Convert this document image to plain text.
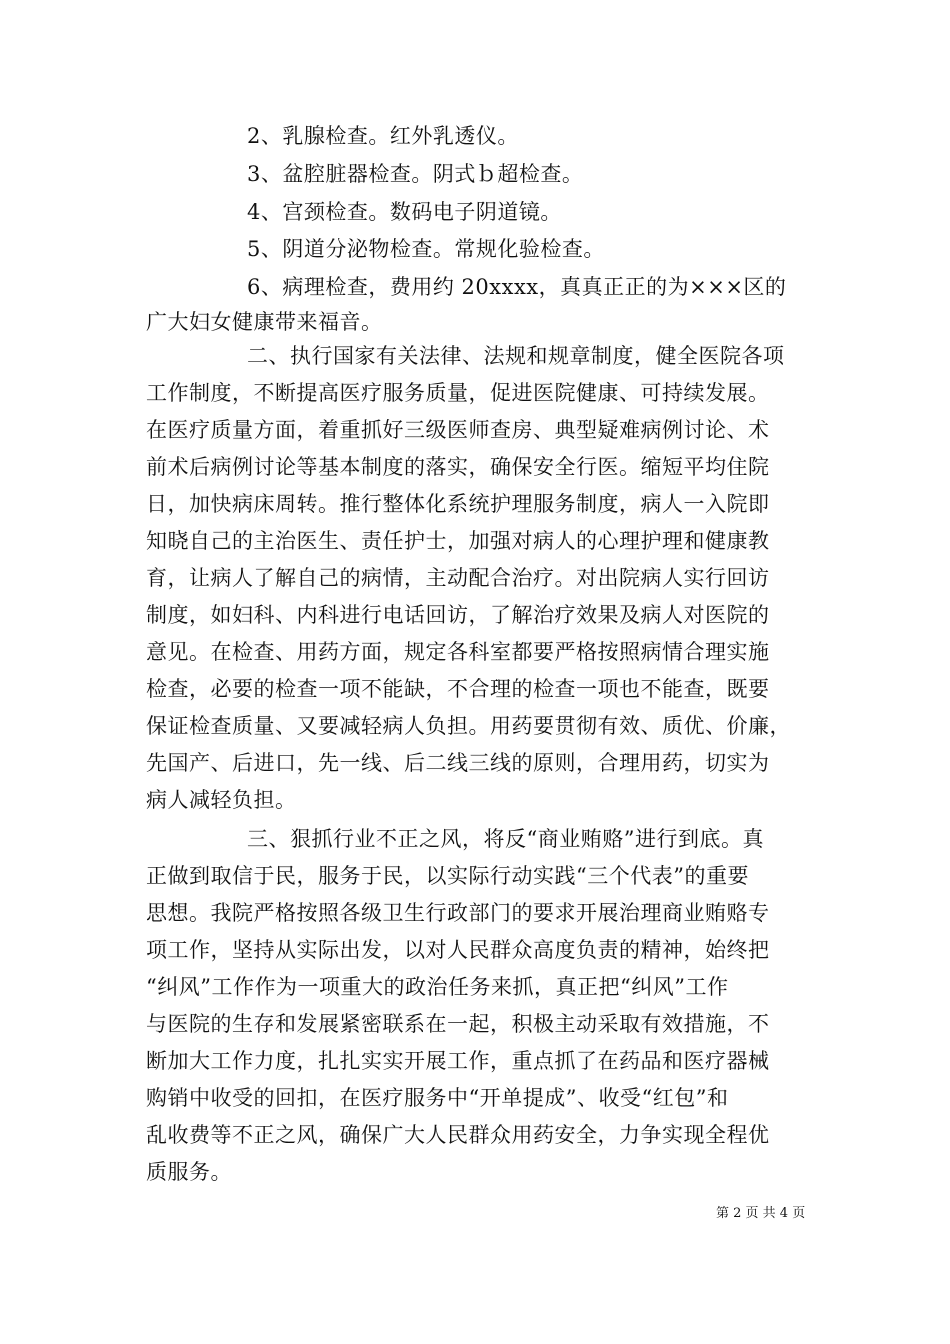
2、乳腺检查。红外乳透仪。
3、盆腔脏器检查。阴式ｂ超检查。
4、宫颈检查。数码电子阴道镜。
5、阴道分泌物检查。常规化验检查。
6、病理检查，费用约 20xxxx，真真正正的为×××区的
广大妇女健康带来福音。
二、执行国家有关法律、法规和规章制度，健全医院各项
工作制度，不断提高医疗服务质量，促进医院健康、可持续发展。
在医疗质量方面，着重抓好三级医师查房、典型疑难病例讨论、术
前术后病例讨论等基本制度的落实，确保安全行医。缩短平均住院
日，加快病床周转。推行整体化系统护理服务制度，病人一入院即
知晓自己的主治医生、责任护士，加强对病人的心理护理和健康教
育，让病人了解自己的病情，主动配合治疗。对出院病人实行回访
制度，如妇科、内科进行电话回访，了解治疗效果及病人对医院的
意见。在检查、用药方面，规定各科室都要严格按照病情合理实施
检查，必要的检查一项不能缺，不合理的检查一项也不能查，既要
保证检查质量、又要减轻病人负担。用药要贯彻有效、质优、价廉，
先国产、后进口，先一线、后二线三线的原则，合理用药，切实为
病人减轻负担。
三、狠抓行业不正之风，将反“商业贿赂”进行到底。真
正做到取信于民，服务于民，以实际行动实践“三个代表”的重要
思想。我院严格按照各级卫生行政部门的要求开展治理商业贿赂专
项工作，坚持从实际出发，以对人民群众高度负责的精神，始终把
“纠风”工作作为一项重大的政治任务来抓，真正把“纠风”工作
与医院的生存和发展紧密联系在一起，积极主动采取有效措施，不
断加大工作力度，扎扎实实开展工作，重点抓了在药品和医疗器械
购销中收受的回扣，在医疗服务中“开单提成”、收受“红包”和
乱收费等不正之风，确保广大人民群众用药安全，力争实现全程优
质服务。
第 2 页 共 4 页
